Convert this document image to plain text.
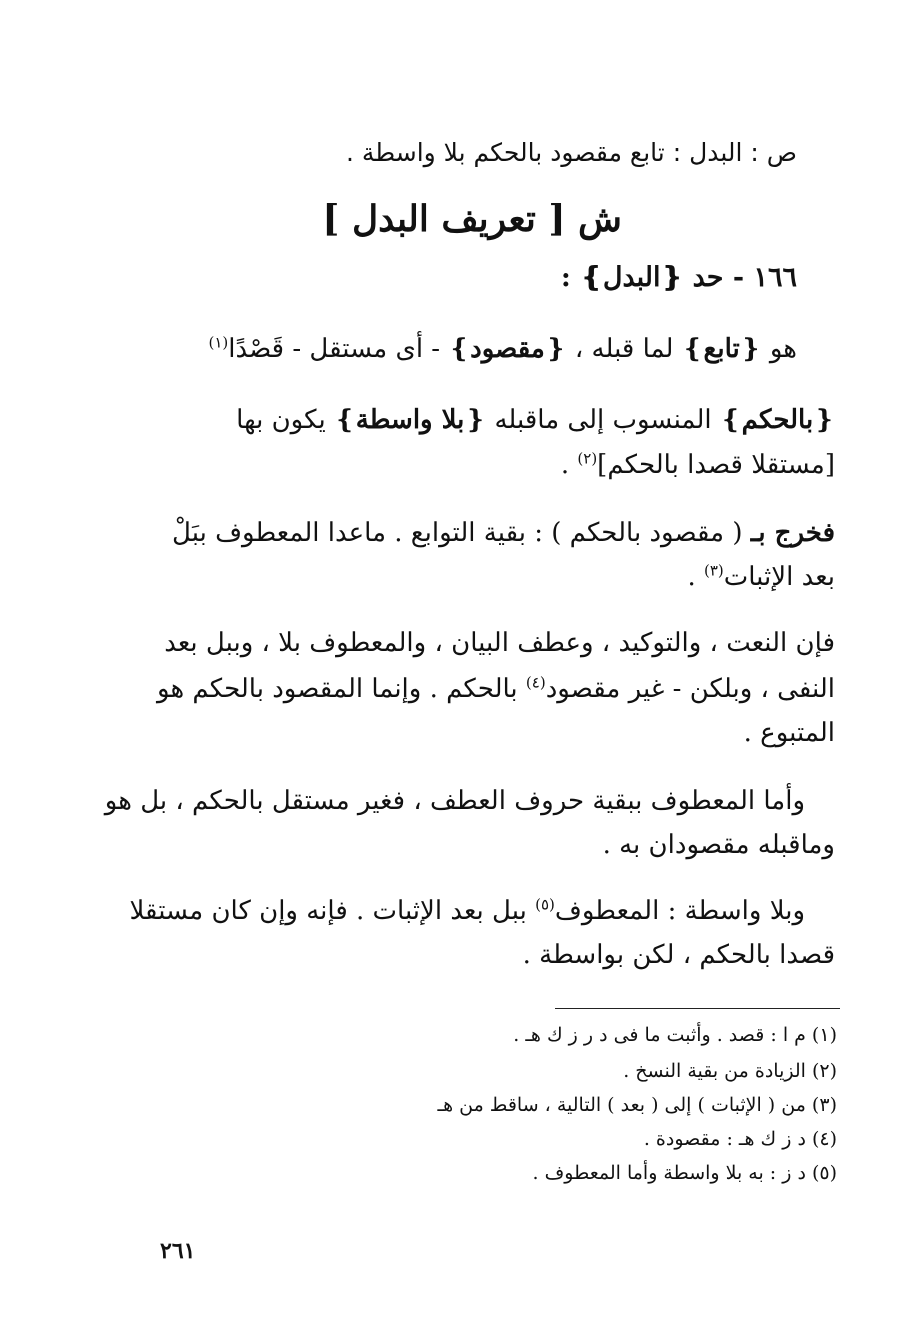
ص : البدل : تابع مقصود بالحكم بلا واسطة .
ش [ تعريف البدل ]
١٦٦ - حد ❴البدل❵ :
هو ❴تابع❵ لما قبله ، ❴مقصود❵ - أى مستقل - قَصْدًا$^{(١)}$
❴بالحكم❵ المنسوب إلى ماقبله ❴بلا واسطة❵ يكون بها
[مستقلا قصدا بالحكم]$^{(٢)}$ .
فخرج بـ ( مقصود بالحكم ) : بقية التوابع . ماعدا المعطوف ببَلْ
بعد الإثبات$^{(٣)}$ .
فإن النعت ، والتوكيد ، وعطف البيان ، والمعطوف بلا ، وببل بعد
النفى ، وبلكن - غير مقصود$^{(٤)}$ بالحكم . وإنما المقصود بالحكم هو
المتبوع .
وأما المعطوف ببقية حروف العطف ، فغير مستقل بالحكم ، بل هو
وماقبله مقصودان به .
وبلا واسطة : المعطوف$^{(٥)}$ ببل بعد الإثبات . فإنه وإن كان مستقلا
قصدا بالحكم ، لكن بواسطة .
(١) م ا : قصد . وأثبت ما فى د ر ز ك هـ .
(٢) الزيادة من بقية النسخ .
(٣) من ( الإثبات ) إلى ( بعد ) التالية ، ساقط من هـ
(٤) د ز ك هـ : مقصودة .
(٥) د ز : به بلا واسطة وأما المعطوف .
٢٦١
